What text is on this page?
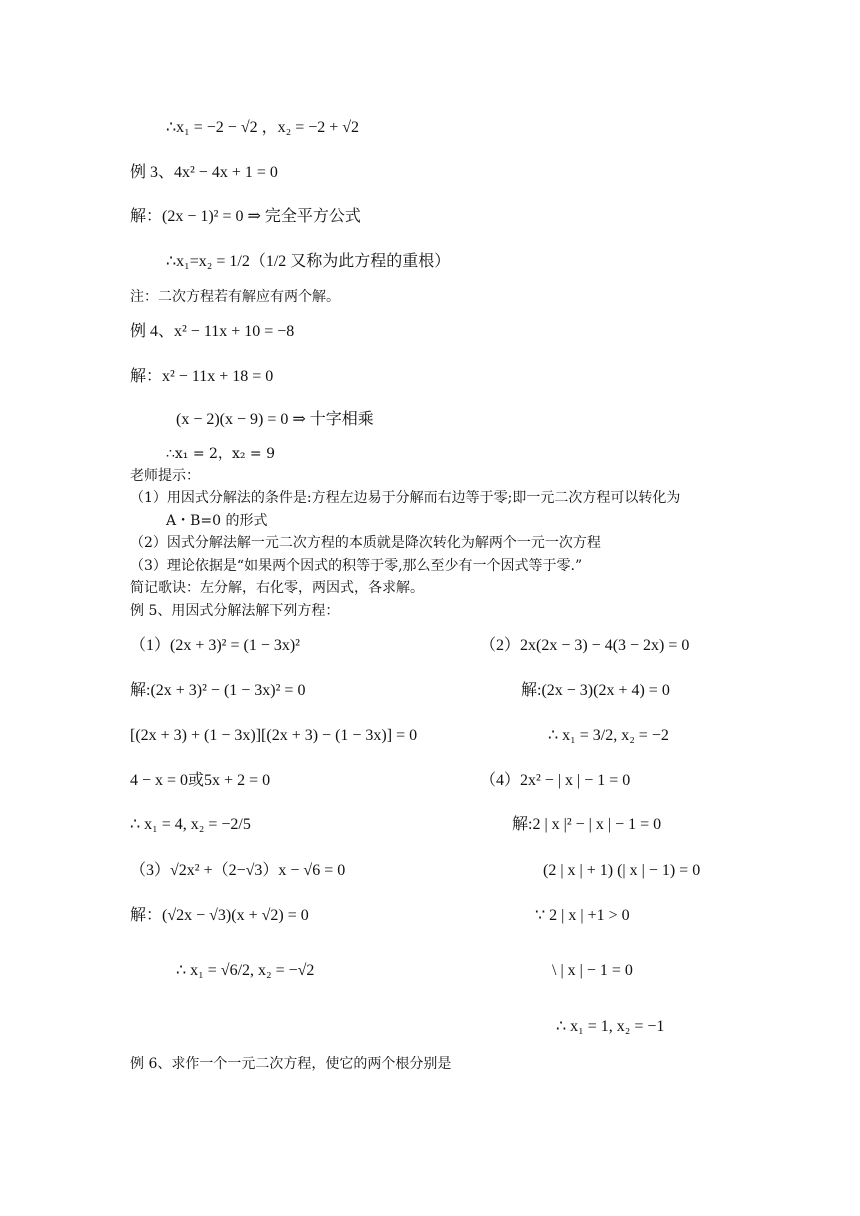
∴x₁ = −2 − √2 ，x₂ = −2 + √2
例 3、4x² − 4x + 1 = 0
解：(2x − 1)² = 0 ⇒ 完全平方公式
∴x₁=x₂ = 1/2（1/2 又称为此方程的重根）
注：二次方程若有解应有两个解。
例 4、x² − 11x + 10 = −8
解：x² − 11x + 18 = 0
(x − 2)(x − 9) = 0 ⇒ 十字相乘
∴x₁ = 2，x₂ = 9
老师提示：
（1）用因式分解法的条件是:方程左边易于分解而右边等于零;即一元二次方程可以转化为
A・B=0 的形式
（2）因式分解法解一元二次方程的本质就是降次转化为解两个一元一次方程
（3）理论依据是“如果两个因式的积等于零,那么至少有一个因式等于零.”
简记歌诀：左分解，右化零，两因式，各求解。
例 5、用因式分解法解下列方程：
（1）(2x + 3)² = (1 − 3x)²	（2）2x(2x − 3) − 4(3 − 2x) = 0
解:(2x + 3)² − (1 − 3x)² = 0	解:(2x − 3)(2x + 4) = 0
[(2x + 3) + (1 − 3x)][(2x + 3) − (1 − 3x)] = 0	∴ x₁ = 3/2, x₂ = −2
4 − x = 0或5x + 2 = 0	（4）2x² − | x | − 1 = 0
∴ x₁ = 4, x₂ = −2/5	解:2 | x |² − | x | − 1 = 0
（3）√2x² +（2−√3）x − √6 = 0	(2 | x | + 1) (| x | − 1) = 0
解：(√2x − √3)(x + √2) = 0	∵ 2 | x | +1 > 0
∴ x₁ = √6/2, x₂ = −√2	\ | x | − 1 = 0
∴ x₁ = 1, x₂ = −1
例 6、求作一个一元二次方程，使它的两个根分别是
